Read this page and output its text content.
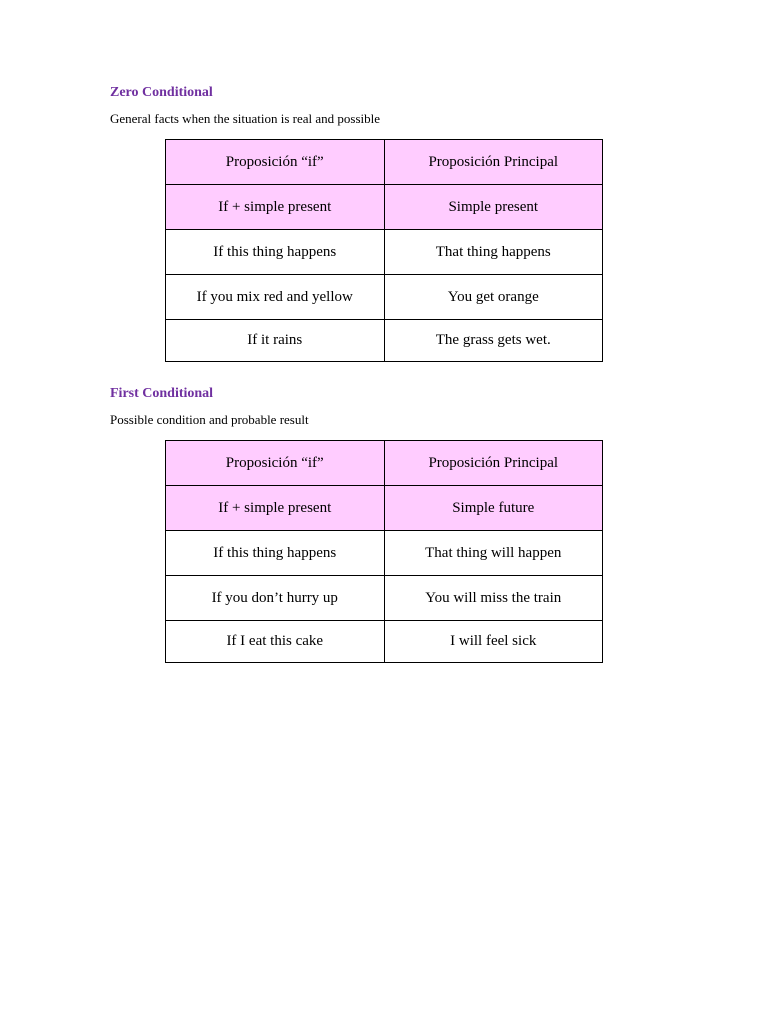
Zero Conditional

General facts when the situation is real and possible

Proposición “if”	Proposición Principal
If + simple present	Simple present
If this thing happens	That thing happens
If you mix red and yellow	You get orange
If it rains	The grass gets wet.

First Conditional

Possible condition and probable result

Proposición “if”	Proposición Principal
If + simple present	Simple future
If this thing happens	That thing will happen
If you don’t hurry up	You will miss the train
If I eat this cake	I will feel sick
